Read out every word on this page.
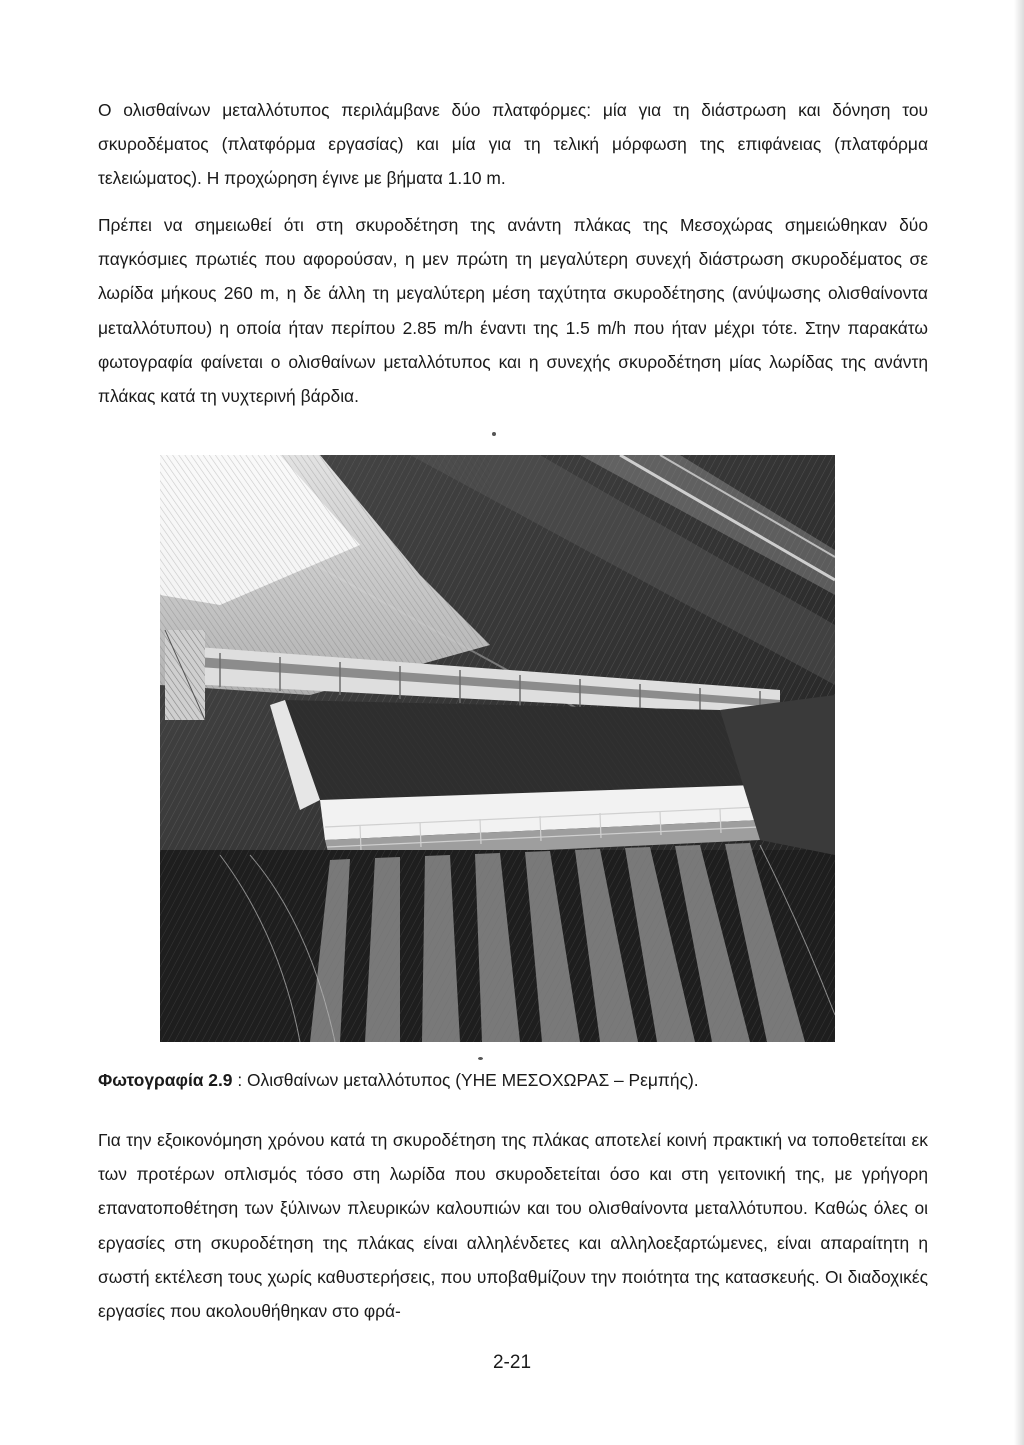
Ο ολισθαίνων μεταλλότυπος περιλάμβανε δύο πλατφόρμες: μία για τη διάστρωση και δόνηση του σκυροδέματος (πλατφόρμα εργασίας) και μία για τη τελική μόρφωση της επιφάνειας (πλατφόρμα τελειώματος). Η προχώρηση έγινε με βήματα 1.10 m.

Πρέπει να σημειωθεί ότι στη σκυροδέτηση της ανάντη πλάκας της Μεσοχώρας σημειώθηκαν δύο παγκόσμιες πρωτιές που αφορούσαν, η μεν πρώτη τη μεγαλύτερη συνεχή διάστρωση σκυροδέματος σε λωρίδα μήκους 260 m, η δε άλλη τη μεγαλύτερη μέση ταχύτητα σκυροδέτησης (ανύψωσης ολισθαίνοντα μεταλλότυπου) η οποία ήταν περίπου 2.85 m/h έναντι της 1.5 m/h που ήταν μέχρι τότε. Στην παρακάτω φωτογραφία φαίνεται ο ολισθαίνων μεταλλότυπος και η συνεχής σκυροδέτηση μίας λωρίδας της ανάντη πλάκας κατά τη νυχτερινή βάρδια.

Φωτογραφία 2.9 : Ολισθαίνων μεταλλότυπος (ΥΗΕ ΜΕΣΟΧΩΡΑΣ – Ρεμπής).

Για την εξοικονόμηση χρόνου κατά τη σκυροδέτηση της πλάκας αποτελεί κοινή πρακτική να τοποθετείται εκ των προτέρων οπλισμός τόσο στη λωρίδα που σκυροδετείται όσο και στη γειτονική της, με γρήγορη επανατοποθέτηση των ξύλινων πλευρικών καλουπιών και του ολισθαίνοντα μεταλλότυπου. Καθώς όλες οι εργασίες στη σκυροδέτηση της πλάκας είναι αλληλένδετες και αλληλοεξαρτώμενες, είναι απαραίτητη η σωστή εκτέλεση τους χωρίς καθυστερήσεις, που υποβαθμίζουν την ποιότητα της κατασκευής. Οι διαδοχικές εργασίες που ακολουθήθηκαν στο φρά-

2-21
